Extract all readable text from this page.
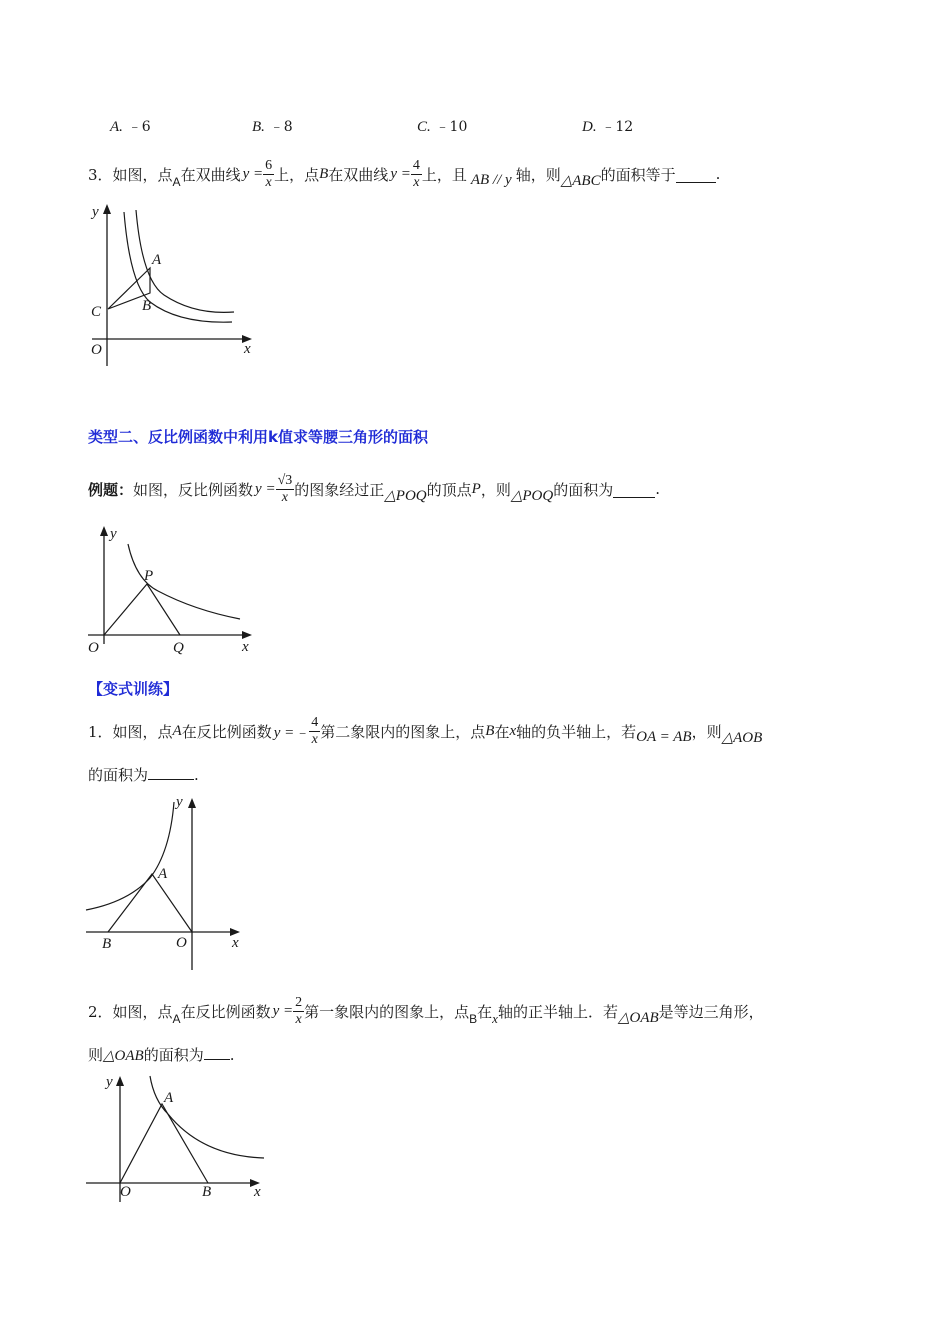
A. ﹣6	B. ﹣8	C. ﹣10	D. ﹣12
3．如图，点 A 在双曲线 $y = \frac{6}{x}$ 上，点 B 在双曲线 $y = \frac{4}{x}$ 上，且 AB // y 轴，则 △ABC 的面积等于	.
y
x
A
B
C
O
类型二、反比例函数中利用k值求等腰三角形的面积
例题： 如图，反比例函数 $y = \frac{√3}{x}$ 的图象经过正 △POQ 的顶点 P ，则 △POQ 的面积为	.
y
x
P
O	Q
【变式训练】
1．如图，点 A 在反比例函数 y =﹣ $\frac{4}{x}$ 第二象限内的图象上，点 B 在 x 轴的负半轴上，若 OA = AB ，则 △AOB
的面积为	.
y
x
A
B	O
2．如图，点 A 在反比例函数 $y = \frac{2}{x}$ 第一象限内的图象上，点 B 在 x 轴的正半轴上．若 △OAB 是等边三角形，
则△OAB的面积为 .
y
x
A
B
O
